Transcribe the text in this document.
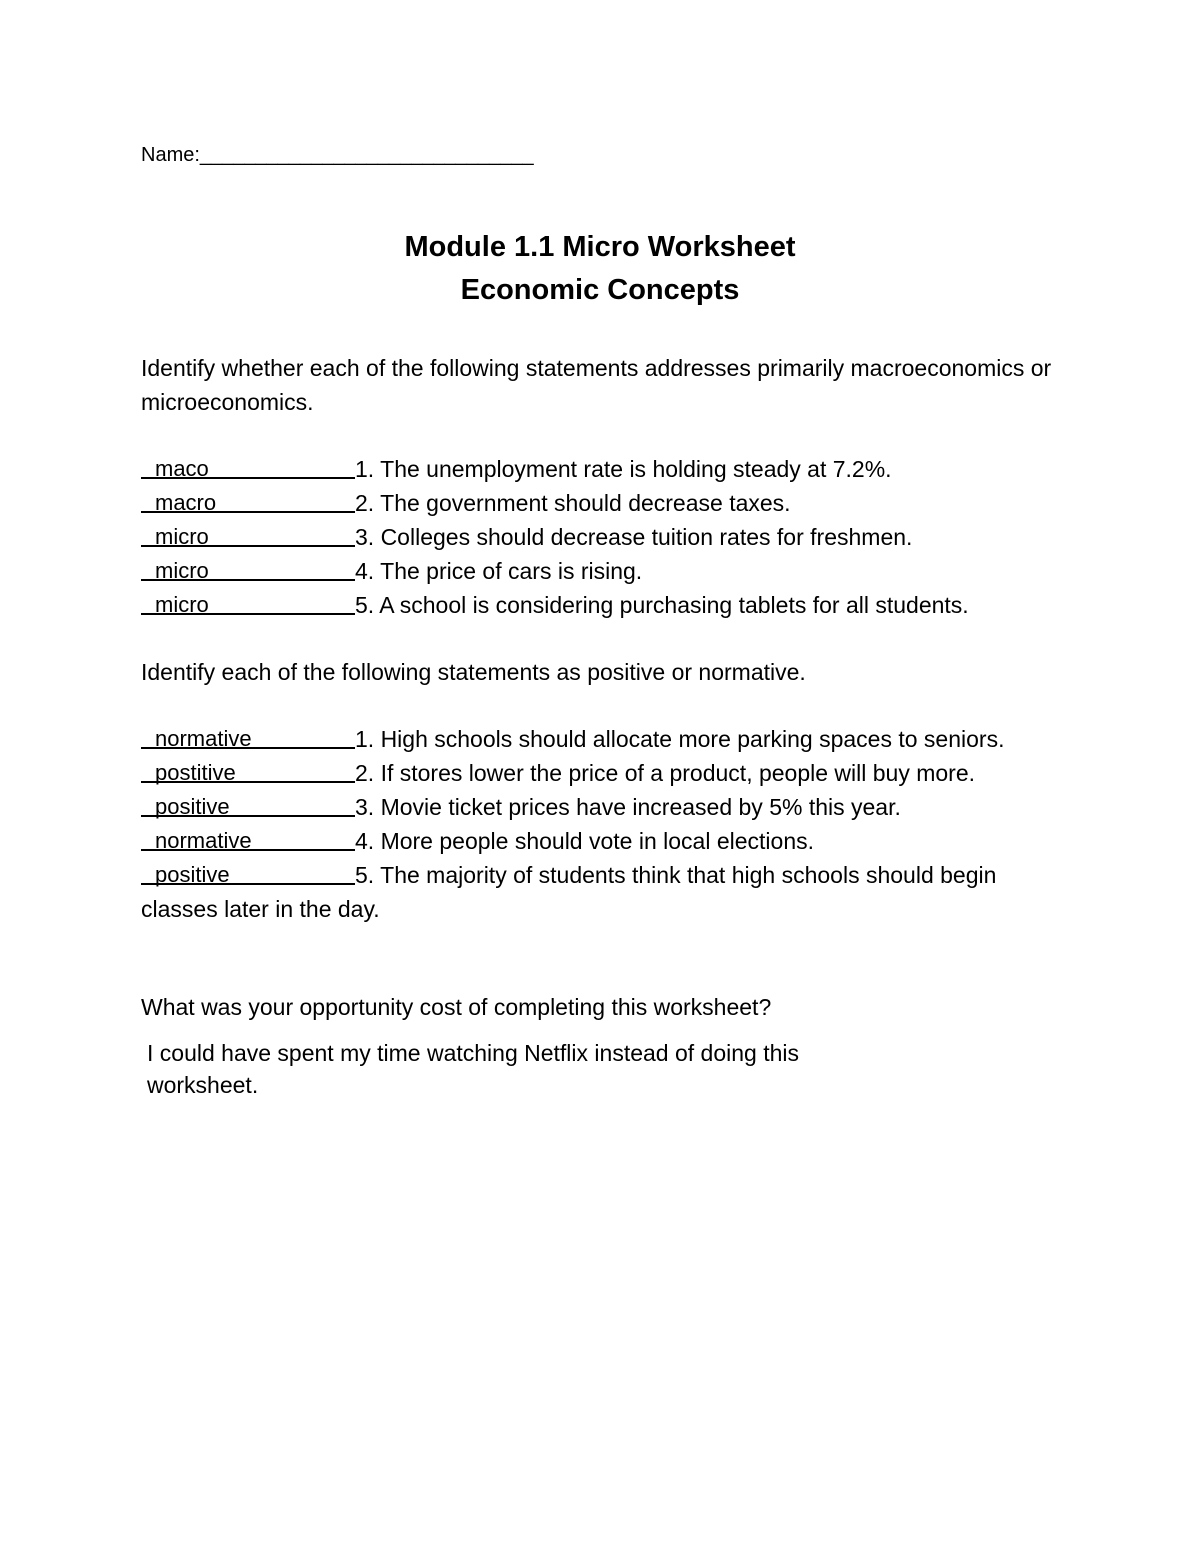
Name:______________________________
Module 1.1 Micro Worksheet
Economic Concepts
Identify whether each of the following statements addresses primarily macroeconomics or microeconomics.
maco	1. The unemployment rate is holding steady at 7.2%.
macro	2. The government should decrease taxes.
micro	3. Colleges should decrease tuition rates for freshmen.
micro	4. The price of cars is rising.
micro	5. A school is considering purchasing tablets for all students.
Identify each of the following statements as positive or normative.
normative	1. High schools should allocate more parking spaces to seniors.
postitive	2. If stores lower the price of a product, people will buy more.
positive	3. Movie ticket prices have increased by 5% this year.
normative	4. More people should vote in local elections.
positive	5. The majority of students think that high schools should begin classes later in the day.
What was your opportunity cost of completing this worksheet?
I could have spent my time watching Netflix instead of doing this worksheet.
